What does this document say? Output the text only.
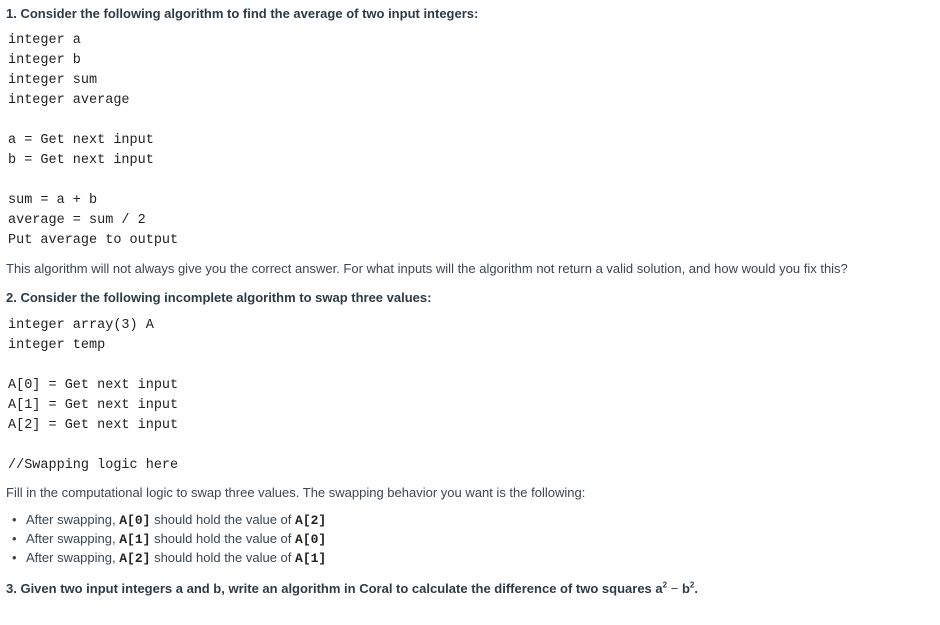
1. Consider the following algorithm to find the average of two input integers:
integer a
integer b
integer sum
integer average
a = Get next input
b = Get next input
sum = a + b
average = sum / 2
Put average to output
This algorithm will not always give you the correct answer. For what inputs will the algorithm not return a valid solution, and how would you fix this?
2. Consider the following incomplete algorithm to swap three values:
integer array(3) A
integer temp
A[0] = Get next input
A[1] = Get next input
A[2] = Get next input
//Swapping logic here
Fill in the computational logic to swap three values. The swapping behavior you want is the following:
• After swapping, A[0] should hold the value of A[2]
• After swapping, A[1] should hold the value of A[0]
• After swapping, A[2] should hold the value of A[1]
3. Given two input integers a and b, write an algorithm in Coral to calculate the difference of two squares $a^2 - b^2$.
